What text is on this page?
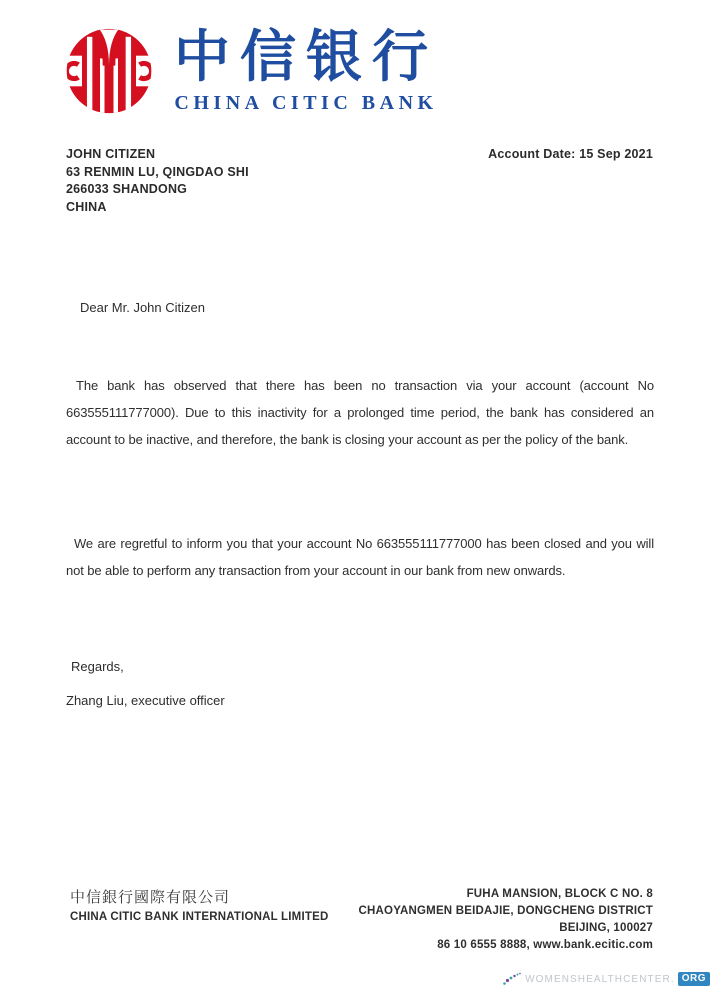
中信银行
CHINA CITIC BANK
JOHN CITIZEN
63 RENMIN LU, QINGDAO SHI
266033 SHANDONG
CHINA
Account Date: 15 Sep 2021
Dear Mr. John Citizen
The bank has observed that there has been no transaction via your account (account No 663555111777000). Due to this inactivity for a prolonged time period, the bank has considered an account to be inactive, and therefore, the bank is closing your account as per the policy of the bank.
We are regretful to inform you that your account No 663555111777000 has been closed and you will not be able to perform any transaction from your account in our bank from new onwards.
Regards,
Zhang Liu, executive officer
中信銀行國際有限公司
CHINA CITIC BANK INTERNATIONAL LIMITED
FUHA MANSION, BLOCK C NO. 8
CHAOYANGMEN BEIDAJIE, DONGCHENG DISTRICT
BEIJING, 100027
86 10 6555 8888, www.bank.ecitic.com
WOMENSHEALTHCENTER. ORG
